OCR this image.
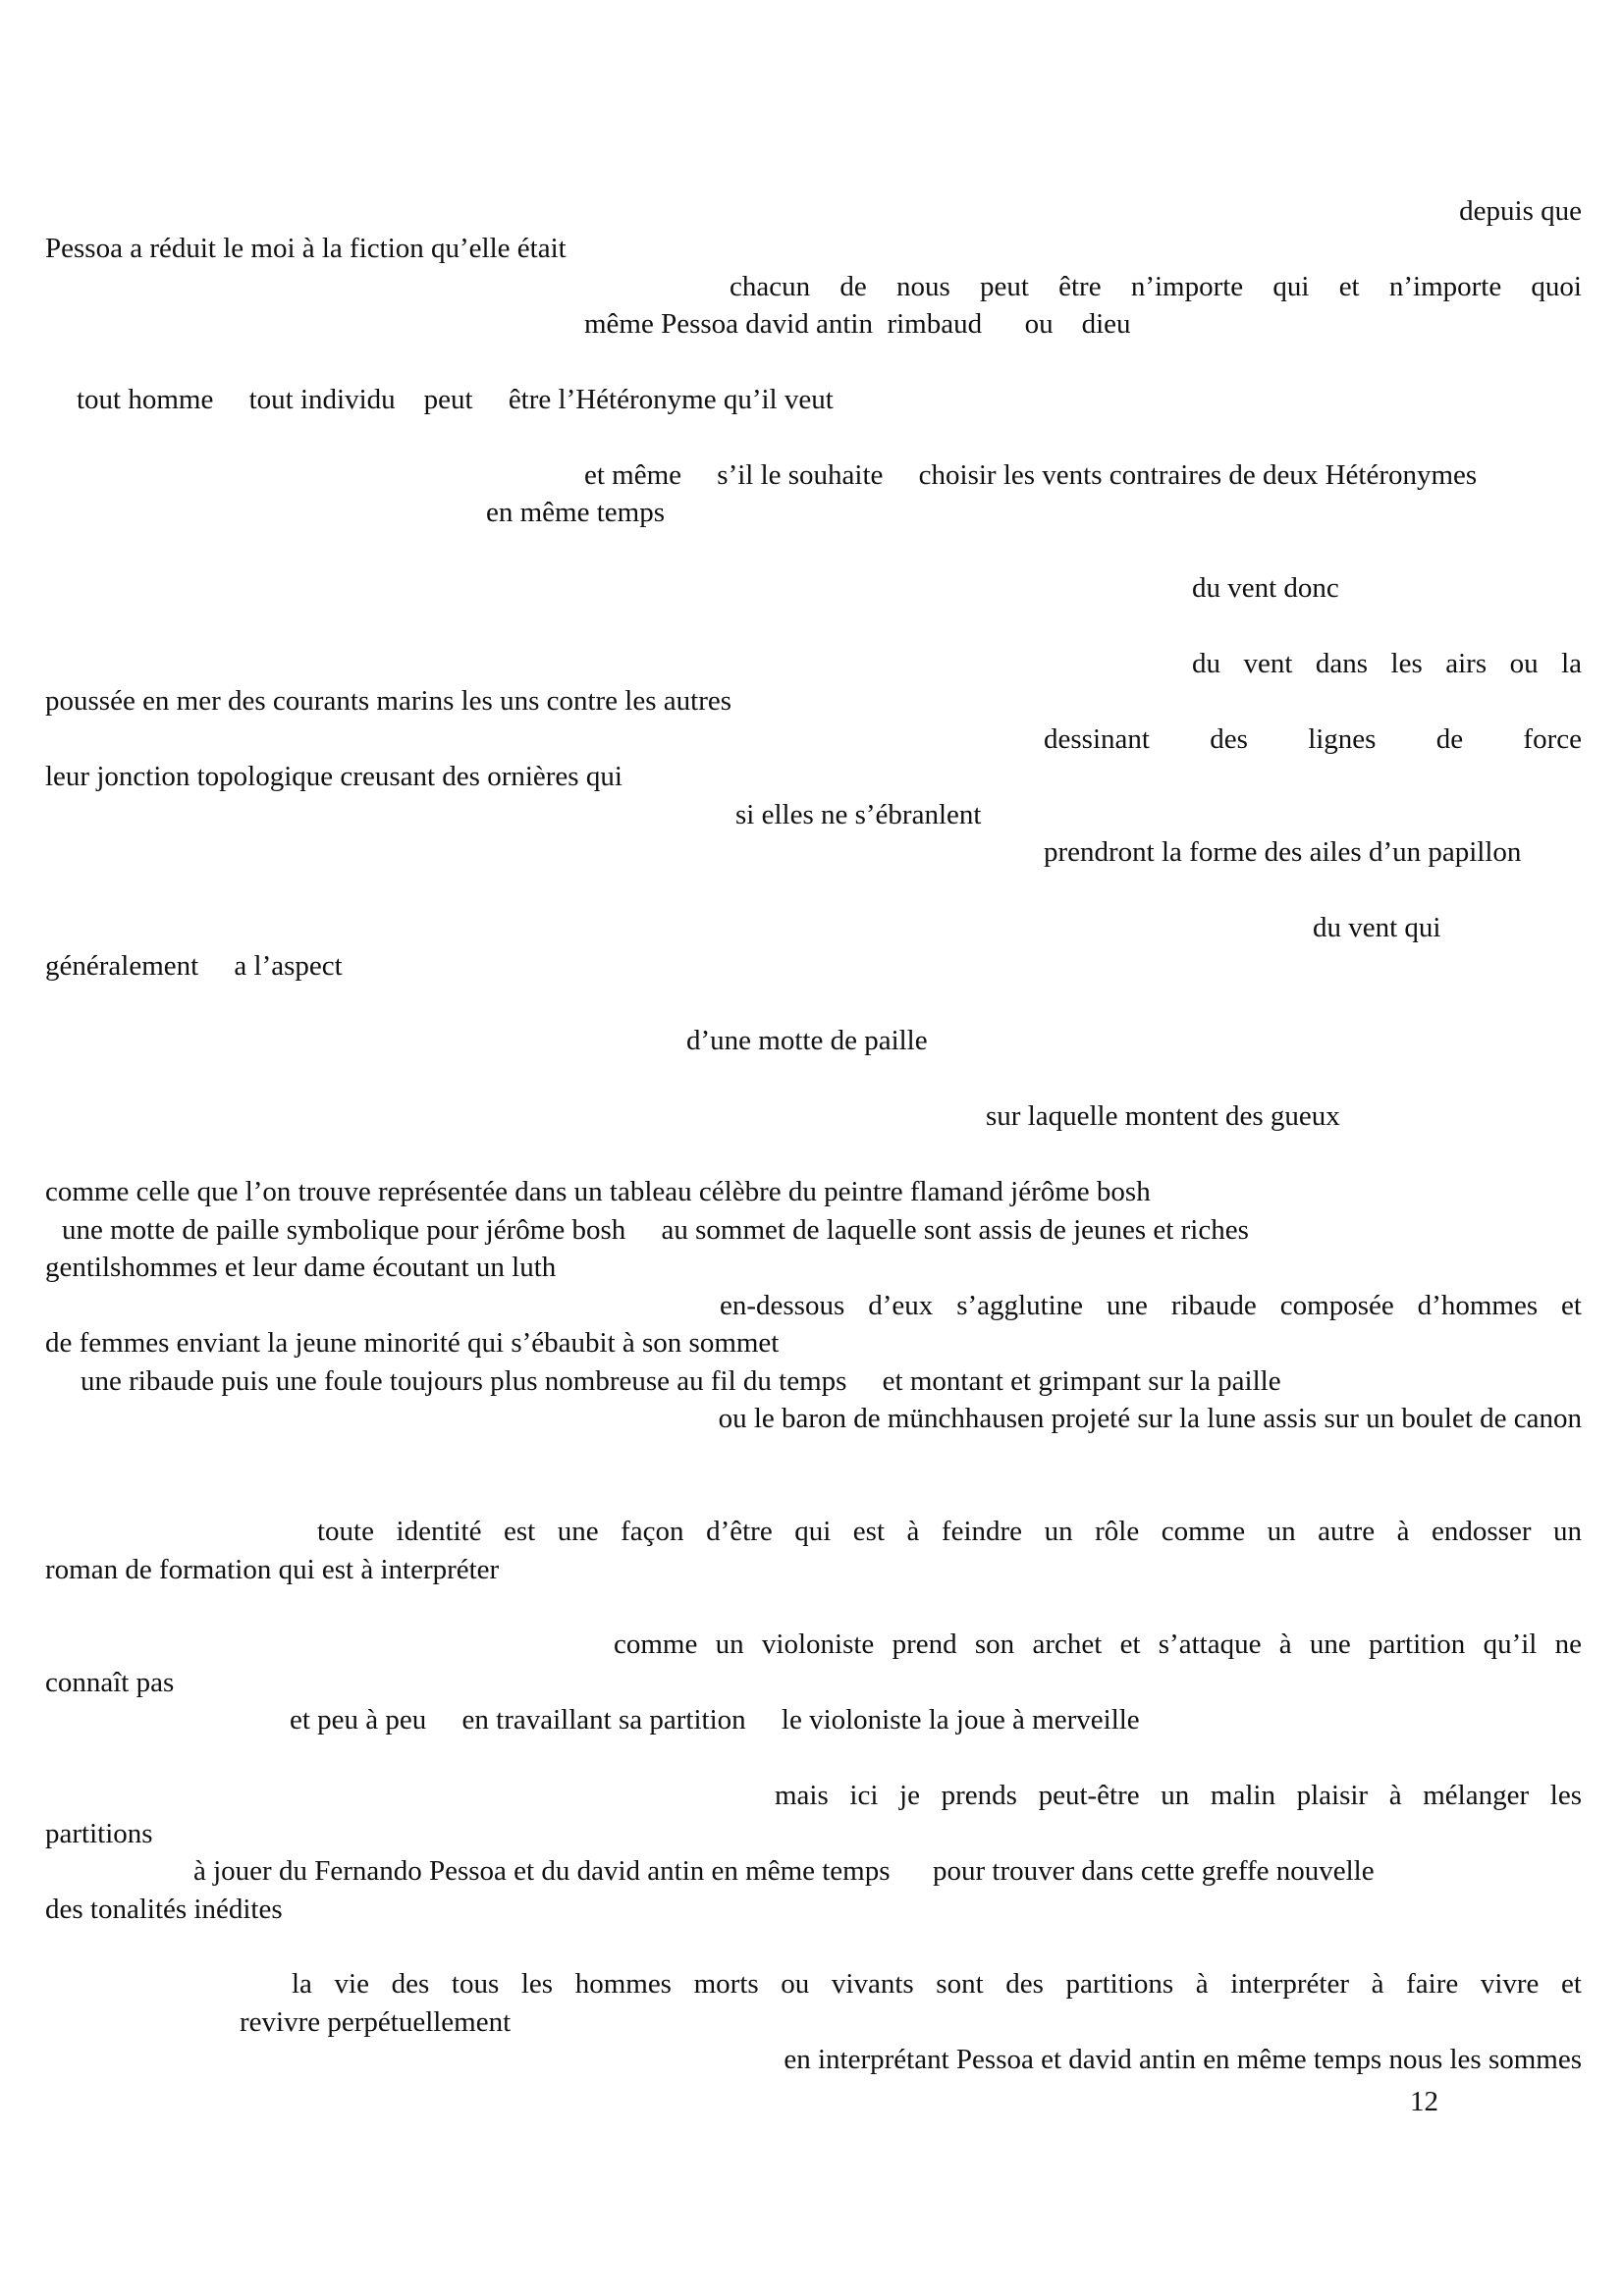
depuis que
Pessoa a réduit le moi à la fiction qu’elle était
chacun de nous peut être n’importe qui et n’importe quoi
même Pessoa david antin  rimbaud      ou    dieu
tout homme     tout individu    peut     être l’Hétéronyme qu’il veut
et même     s’il le souhaite     choisir les vents contraires de deux Hétéronymes
en même temps
du vent donc
du vent dans les airs ou la
poussée en mer des courants marins les uns contre les autres
dessinant des lignes de force
leur jonction topologique creusant des ornières qui
si elles ne s’ébranlent
prendront la forme des ailes d’un papillon
du vent qui
généralement     a l’aspect
d’une motte de paille
sur laquelle montent des gueux
comme celle que l’on trouve représentée dans un tableau célèbre du peintre flamand jérôme bosh
une motte de paille symbolique pour jérôme bosh     au sommet de laquelle sont assis de jeunes et riches
gentilshommes et leur dame écoutant un luth
en-dessous d’eux s’agglutine une ribaude composée d’hommes et
de femmes enviant la jeune minorité qui s’ébaubit à son sommet
une ribaude puis une foule toujours plus nombreuse au fil du temps     et montant et grimpant sur la paille
ou le baron de münchhausen projeté sur la lune assis sur un boulet de canon
toute identité est une façon d’être qui est à feindre un rôle comme un autre à endosser un
roman de formation qui est à interpréter
comme un violoniste prend son archet et s’attaque à une partition qu’il ne
connaît pas
et peu à peu     en travaillant sa partition     le violoniste la joue à merveille
mais ici je prends peut-être un malin plaisir à mélanger les
partitions
à jouer du Fernando Pessoa et du david antin en même temps      pour trouver dans cette greffe nouvelle
des tonalités inédites
la vie des tous les hommes morts ou vivants sont des partitions à interpréter à faire vivre et
revivre perpétuellement
en interprétant Pessoa et david antin en même temps nous les sommes
12
